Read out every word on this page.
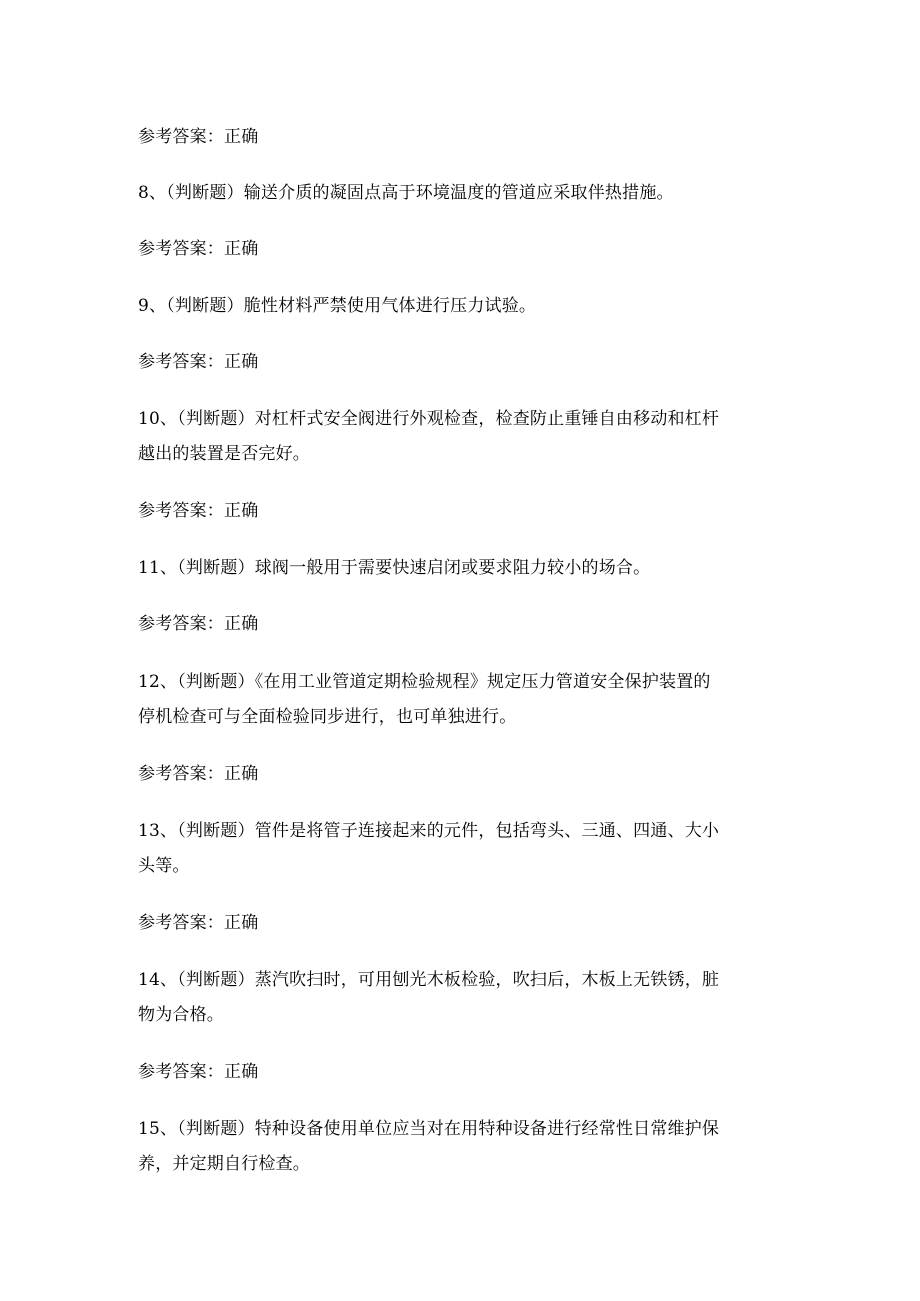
参考答案：正确
8、（判断题）输送介质的凝固点高于环境温度的管道应采取伴热措施。
参考答案：正确
9、（判断题）脆性材料严禁使用气体进行压力试验。
参考答案：正确
10、（判断题）对杠杆式安全阀进行外观检查，检查防止重锤自由移动和杠杆
越出的装置是否完好。
参考答案：正确
11、（判断题）球阀一般用于需要快速启闭或要求阻力较小的场合。
参考答案：正确
12、（判断题）《在用工业管道定期检验规程》规定压力管道安全保护装置的
停机检查可与全面检验同步进行，也可单独进行。
参考答案：正确
13、（判断题）管件是将管子连接起来的元件，包括弯头、三通、四通、大小
头等。
参考答案：正确
14、（判断题）蒸汽吹扫时，可用刨光木板检验，吹扫后，木板上无铁锈，脏
物为合格。
参考答案：正确
15、（判断题）特种设备使用单位应当对在用特种设备进行经常性日常维护保
养，并定期自行检查。
